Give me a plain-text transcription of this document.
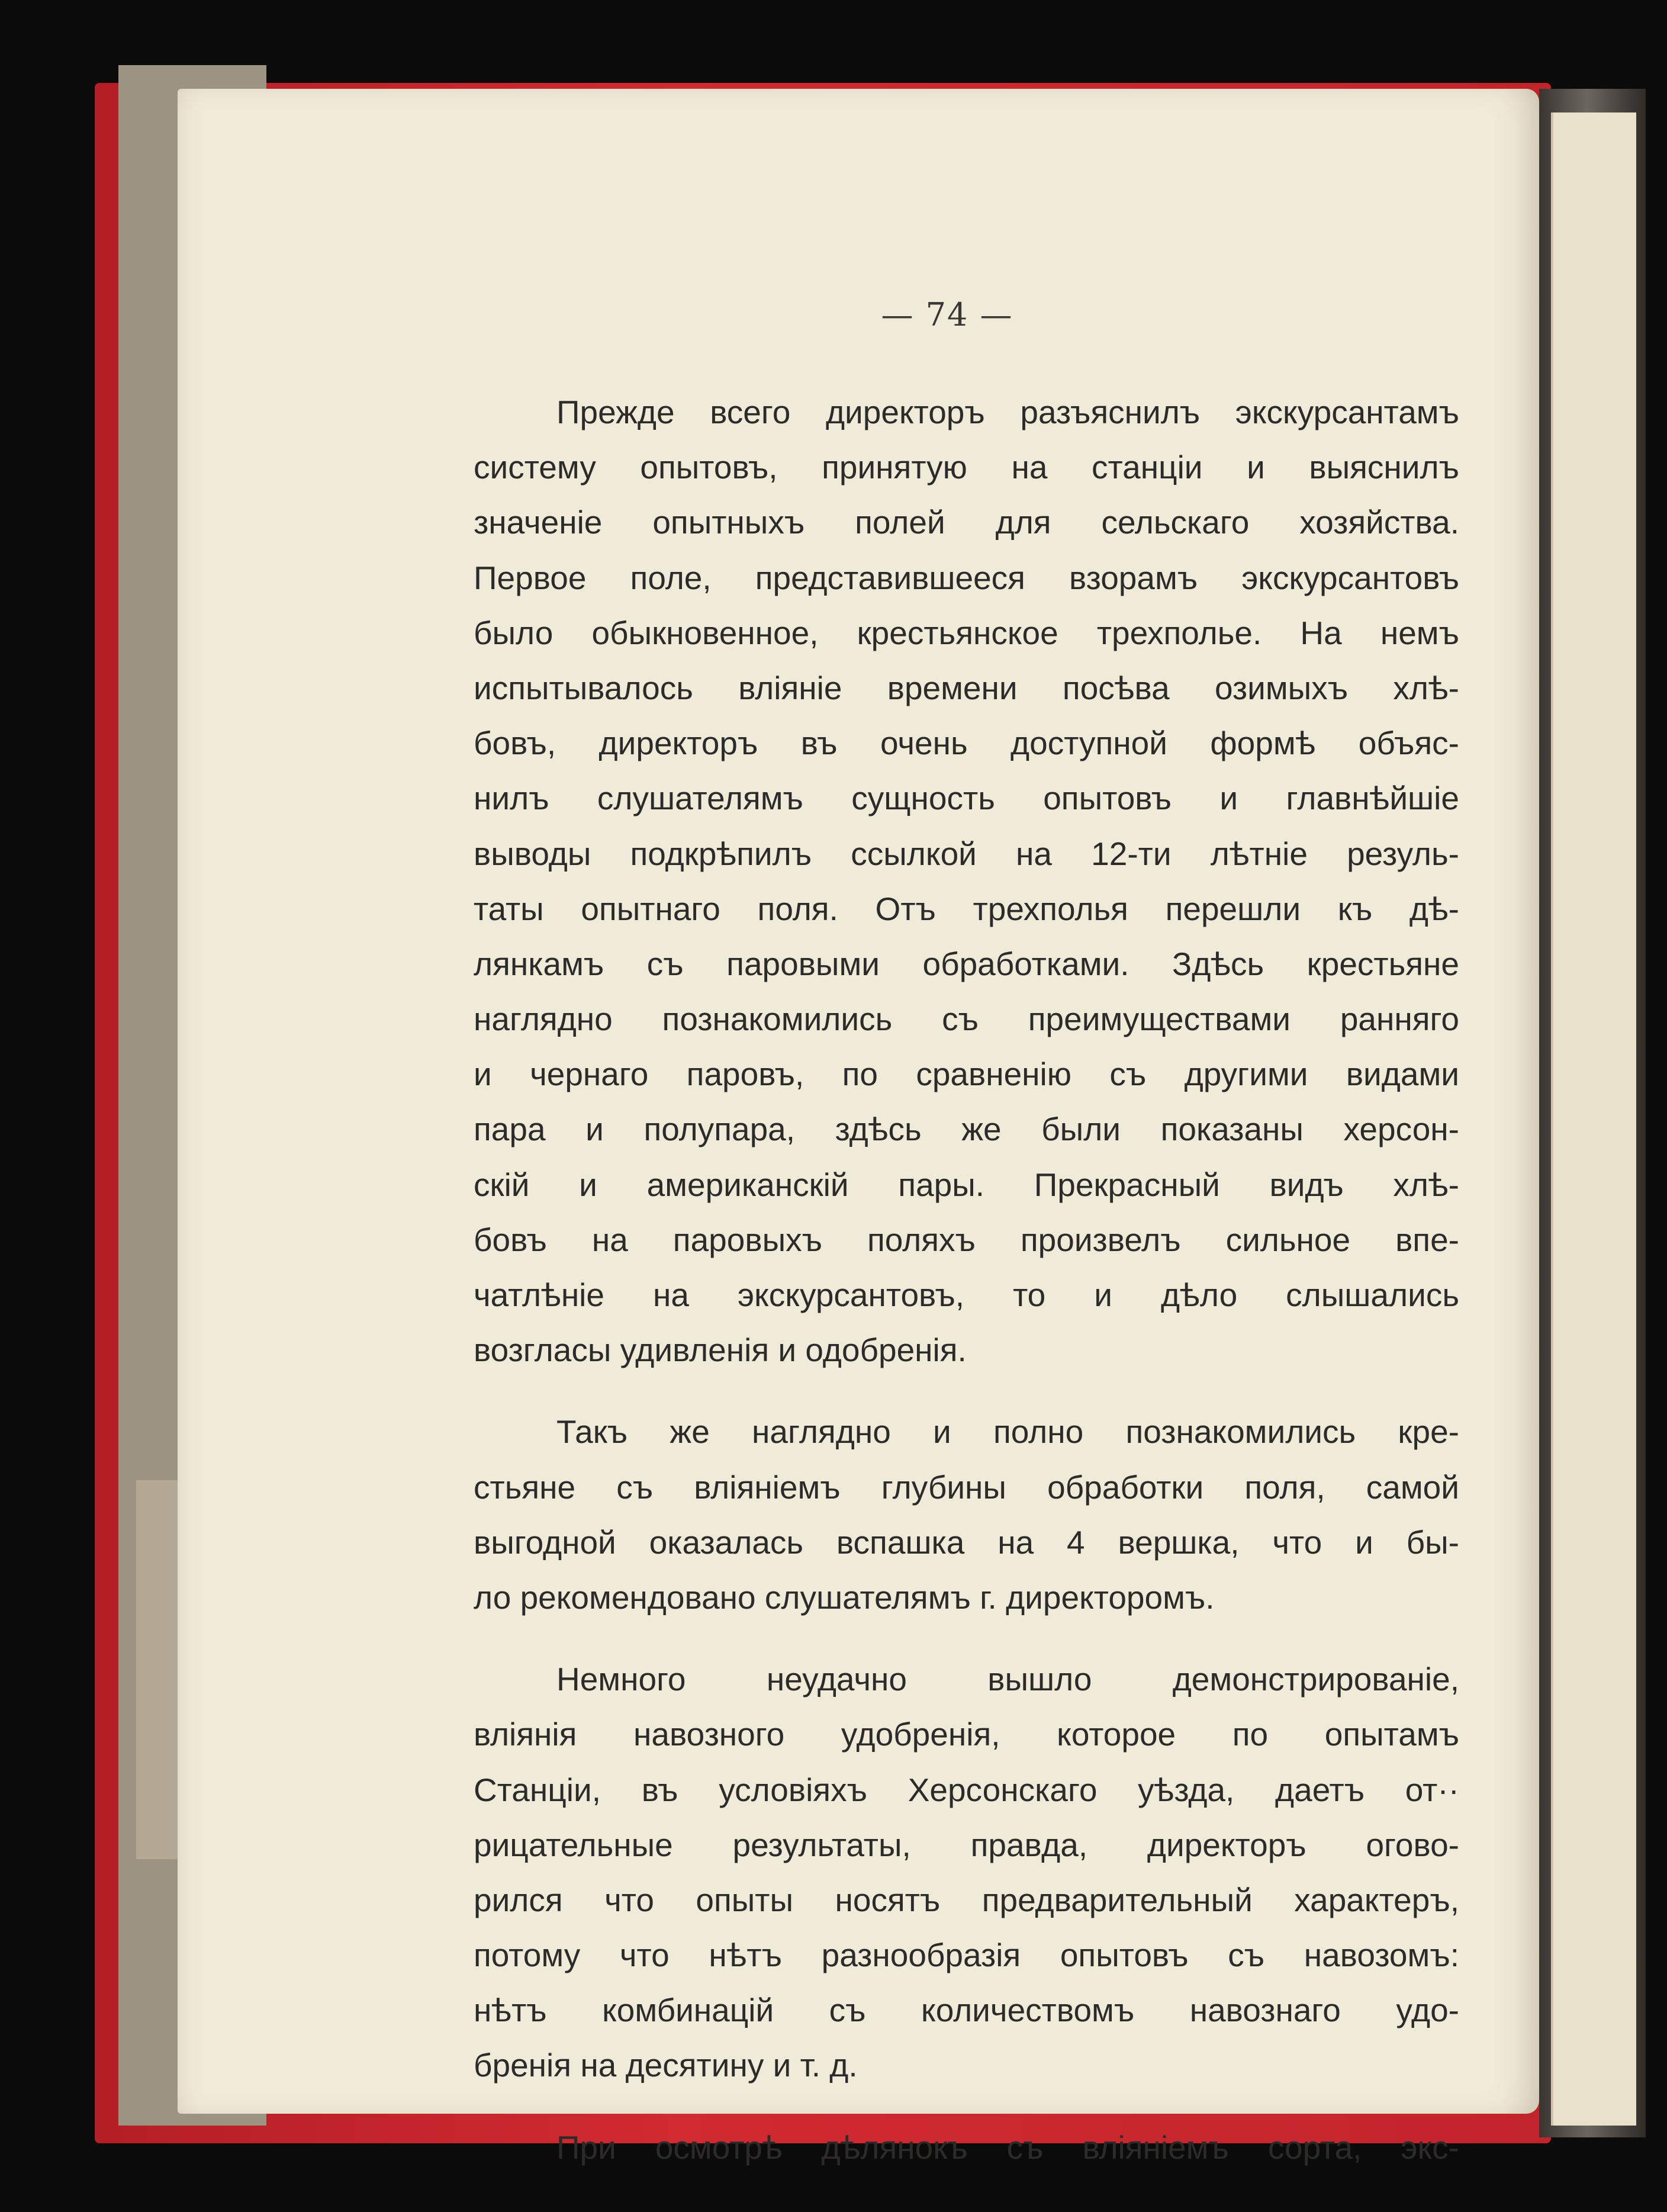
— 74 —
Прежде всего директоръ разъяснилъ экскурсантамъ
систему опытовъ, принятую на станціи и выяснилъ
значеніе опытныхъ полей для сельскаго хозяйства.
Первое поле, представившееся взорамъ экскурсантовъ
было обыкновенное, крестьянское трехполье. На немъ
испытывалось вліяніе времени посѣва озимыхъ хлѣ-
бовъ, директоръ въ очень доступной формѣ объяс-
нилъ слушателямъ сущность опытовъ и главнѣйшіе
выводы подкрѣпилъ ссылкой на 12-ти лѣтніе резуль-
таты опытнаго поля. Отъ трехполья перешли къ дѣ-
лянкамъ съ паровыми обработками. Здѣсь крестьяне
наглядно познакомились съ преимуществами ранняго
и чернаго паровъ, по сравненію съ другими видами
пара и полупара, здѣсь же были показаны херсон-
скій и американскій пары. Прекрасный видъ хлѣ-
бовъ на паровыхъ поляхъ произвелъ сильное впе-
чатлѣніе на экскурсантовъ, то и дѣло слышались
возгласы удивленія и одобренія.
Такъ же наглядно и полно познакомились кре-
стьяне съ вліяніемъ глубины обработки поля, самой
выгодной оказалась вспашка на 4 вершка, что и бы-
ло рекомендовано слушателямъ г. директоромъ.
Немного неудачно вышло демонстрированіе,
вліянія навозного удобренія, которое по опытамъ
Станціи, въ условіяхъ Херсонскаго уѣзда, даетъ от··
рицательные результаты, правда, директоръ огово-
рился что опыты носятъ предварительный характеръ,
потому что нѣтъ разнообразія опытовъ съ навозомъ:
нѣтъ комбинацій съ количествомъ навознаго удо-
бренія на десятину и т. д.
При осмотрѣ дѣлянокъ съ вліяніемъ сорта, экс-
